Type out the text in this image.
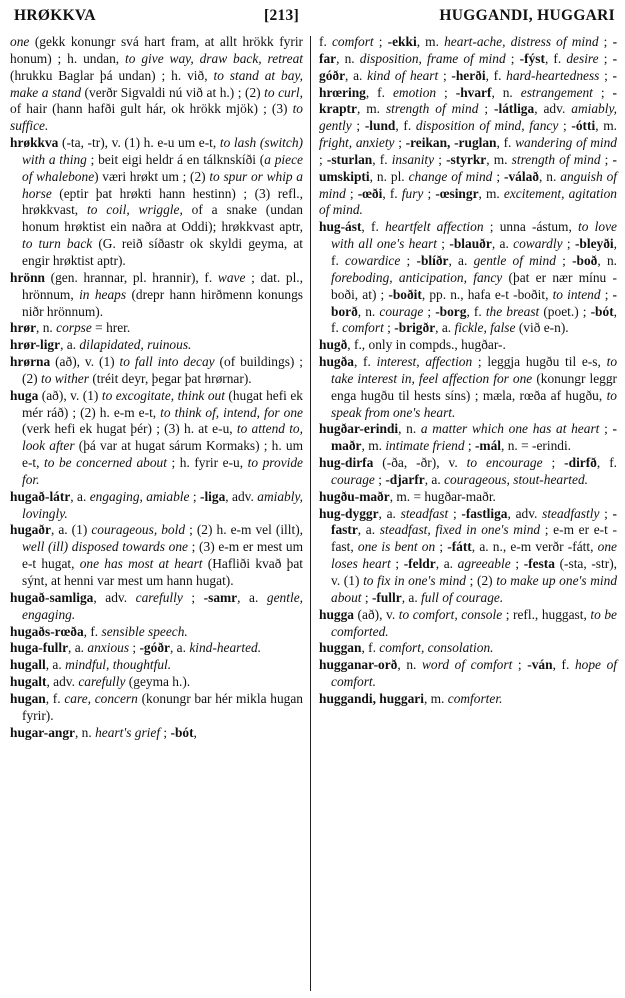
HRØKKVA	[213]	HUGGANDI, HUGGARI

one (gekk konungr svá hart fram, at allt hrökk fyrir honum) ; h. undan, to give way, draw back, retreat (hrukku Baglar þá undan) ; h. við, to stand at bay, make a stand (verðr Sigvaldi nú við at h.) ; (2) to curl, of hair (hann hafði gult hár, ok hrökk mjök) ; (3) to suffice.

hrøkkva (-ta, -tr), v. (1) h. e-u um e-t, to lash (switch) with a thing ; beit eigi heldr á en tálknskíði (a piece of whalebone) væri hrøkt um ; (2) to spur or whip a horse (eptir þat hrøkti hann hestinn) ; (3) refl., hrøkkvast, to coil, wriggle, of a snake (undan honum hrøktist ein naðra at Oddi); hrøkkvast aptr, to turn back (G. reið síðastr ok skyldi geyma, at engir hrøktist aptr).

hrönn (gen. hrannar, pl. hrannir), f. wave ; dat. pl., hrönnum, in heaps (drepr hann hirðmenn konungs niðr hrönnum).

hrør, n. corpse = hrer.

hrør-ligr, a. dilapidated, ruinous.

hrørna (að), v. (1) to fall into decay (of buildings) ; (2) to wither (tréit deyr, þegar þat hrørnar).

huga (að), v. (1) to excogitate, think out (hugat hefi ek mér ráð) ; (2) h. e-m e-t, to think of, intend, for one (verk hefi ek hugat þér) ; (3) h. at e-u, to attend to, look after (þá var at hugat sárum Kormaks) ; h. um e-t, to be concerned about ; h. fyrir e-u, to provide for.

hugað-látr, a. engaging, amiable ; -liga, adv. amiably, lovingly.

hugaðr, a. (1) courageous, bold ; (2) h. e-m vel (illt), well (ill) disposed towards one ; (3) e-m er mest um e-t hugat, one has most at heart (Hafliði kvað þat sýnt, at henni var mest um hann hugat).

hugað-samliga, adv. carefully ; -samr, a. gentle, engaging.

hugaðs-rœða, f. sensible speech.

huga-fullr, a. anxious ; -góðr, a. kind-hearted.

hugall, a. mindful, thoughtful.

hugalt, adv. carefully (geyma h.).

hugan, f. care, concern (konungr bar hér mikla hugan fyrir).

hugar-angr, n. heart's grief ; -bót,

f. comfort ; -ekki, m. heart-ache, distress of mind ; -far, n. disposition, frame of mind ; -fýst, f. desire ; -góðr, a. kind of heart ; -herði, f. hard-heartedness ; -hrœring, f. emotion ; -hvarf, n. estrangement ; -kraptr, m. strength of mind ; -látliga, adv. amiably, gently ; -lund, f. disposition of mind, fancy ; -ótti, m. fright, anxiety ; -reikan, -ruglan, f. wandering of mind ; -sturlan, f. insanity ; -styrkr, m. strength of mind ; -umskipti, n. pl. change of mind ; -válað, n. anguish of mind ; -œði, f. fury ; -œsingr, m. excitement, agitation of mind.

hug-ást, f. heartfelt affection ; unna -ástum, to love with all one's heart ; -blauðr, a. cowardly ; -bleyði, f. cowardice ; -blíðr, a. gentle of mind ; -boð, n. foreboding, anticipation, fancy (þat er nær mínu -boði, at) ; -boðit, pp. n., hafa e-t -boðit, to intend ; -borð, n. courage ; -borg, f. the breast (poet.) ; -bót, f. comfort ; -brigðr, a. fickle, false (við e-n).

hugð, f., only in compds., hugðar-.

hugða, f. interest, affection ; leggja hugðu til e-s, to take interest in, feel affection for one (konungr leggr enga hugðu til hests síns) ; mæla, rœða af hugðu, to speak from one's heart.

hugðar-erindi, n. a matter which one has at heart ; -maðr, m. intimate friend ; -mál, n. = -erindi.

hug-dirfa (-ða, -ðr), v. to encourage ; -dirfð, f. courage ; -djarfr, a. courageous, stout-hearted.

hugðu-maðr, m. = hugðar-maðr.

hug-dyggr, a. steadfast ; -fastliga, adv. steadfastly ; -fastr, a. steadfast, fixed in one's mind ; e-m er e-t -fast, one is bent on ; -fátt, a. n., e-m verðr -fátt, one loses heart ; -feldr, a. agreeable ; -festa (-sta, -str), v. (1) to fix in one's mind ; (2) to make up one's mind about ; -fullr, a. full of courage.

hugga (að), v. to comfort, console ; refl., huggast, to be comforted.

huggan, f. comfort, consolation.

hugganar-orð, n. word of comfort ; -ván, f. hope of comfort.

huggandi, huggari, m. comforter.
